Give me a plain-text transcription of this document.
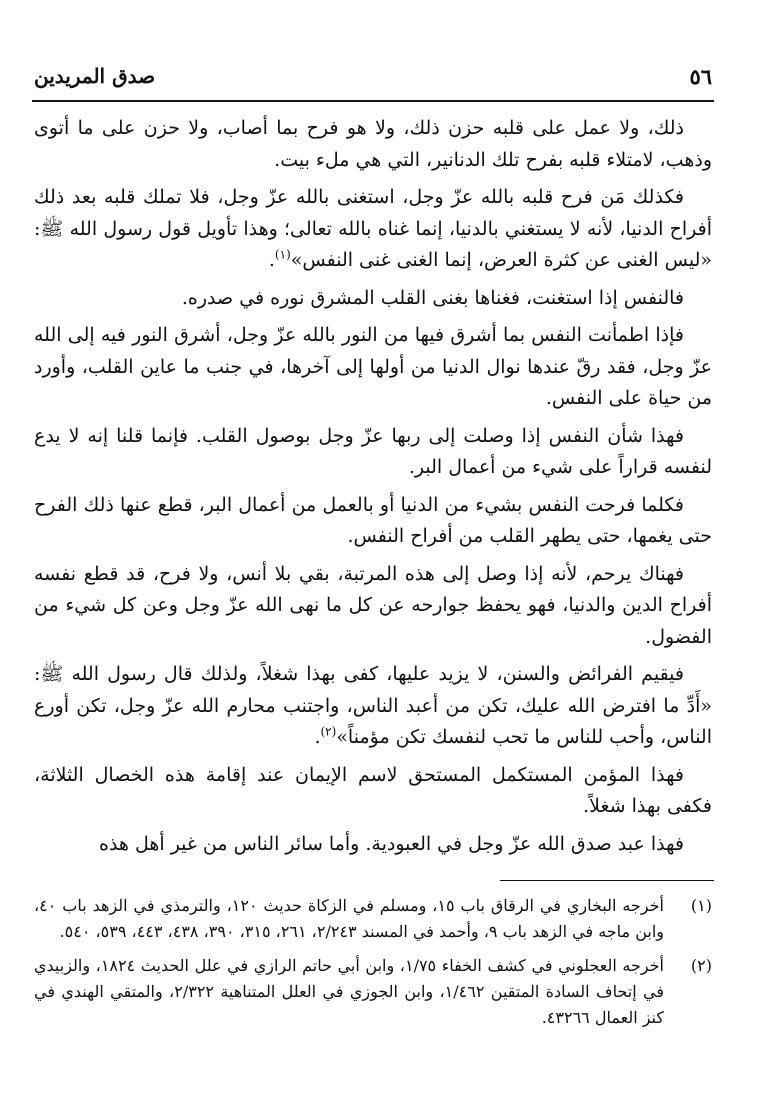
٥٦
صدق المريدين

ذلك، ولا عمل على قلبه حزن ذلك، ولا هو فرح بما أصاب، ولا حزن على ما أتوى وذهب، لامتلاء قلبه بفرح تلك الدنانير، التي هي ملء بيت.

فكذلك مَن فرح قلبه بالله عزّ وجل، استغنى بالله عزّ وجل، فلا تملك قلبه بعد ذلك أفراح الدنيا، لأنه لا يستغني بالدنيا، إنما غناه بالله تعالى؛ وهذا تأويل قول رسول الله ﷺ: «ليس الغنى عن كثرة العرض، إنما الغنى غنى النفس»$^{(١)}$.

فالنفس إذا استغنت، فغناها بغنى القلب المشرق نوره في صدره.

فإذا اطمأنت النفس بما أشرق فيها من النور بالله عزّ وجل، أشرق النور فيه إلى الله عزّ وجل، فقد رقّ عندها نوال الدنيا من أولها إلى آخرها، في جنب ما عاين القلب، وأورد من حياة على النفس.

فهذا شأن النفس إذا وصلت إلى ربها عزّ وجل بوصول القلب. فإنما قلنا إنه لا يدع لنفسه قراراً على شيء من أعمال البر.

فكلما فرحت النفس بشيء من الدنيا أو بالعمل من أعمال البر، قطع عنها ذلك الفرح حتى يغمها، حتى يطهر القلب من أفراح النفس.

فهناك يرحم، لأنه إذا وصل إلى هذه المرتبة، بقي بلا أنس، ولا فرح، قد قطع نفسه أفراح الدين والدنيا، فهو يحفظ جوارحه عن كل ما نهى الله عزّ وجل وعن كل شيء من الفضول.

فيقيم الفرائض والسنن، لا يزيد عليها، كفى بهذا شغلاً، ولذلك قال رسول الله ﷺ: «أَدِّ ما افترض الله عليك، تكن من أعبد الناس، واجتنب محارم الله عزّ وجل، تكن أورع الناس، وأحب للناس ما تحب لنفسك تكن مؤمناً»$^{(٢)}$.

فهذا المؤمن المستكمل المستحق لاسم الإيمان عند إقامة هذه الخصال الثلاثة، فكفى بهذا شغلاً.

فهذا عبد صدق الله عزّ وجل في العبودية. وأما سائر الناس من غير أهل هذه

(١)
أخرجه البخاري في الرقاق باب ١٥، ومسلم في الزكاة حديث ١٢٠، والترمذي في الزهد باب ٤٠، وابن ماجه في الزهد باب ٩، وأحمد في المسند ٢/٢٤٣، ٢٦١، ٣١٥، ٣٩٠، ٤٣٨، ٤٤٣، ٥٣٩، ٥٤٠.
(٢)
أخرجه العجلوني في كشف الخفاء ١/٧٥، وابن أبي حاتم الرازي في علل الحديث ١٨٢٤، والزبيدي في إتحاف السادة المتقين ١/٤٦٢، وابن الجوزي في العلل المتناهية ٢/٣٢٢، والمتقي الهندي في كنز العمال ٤٣٢٦٦.
